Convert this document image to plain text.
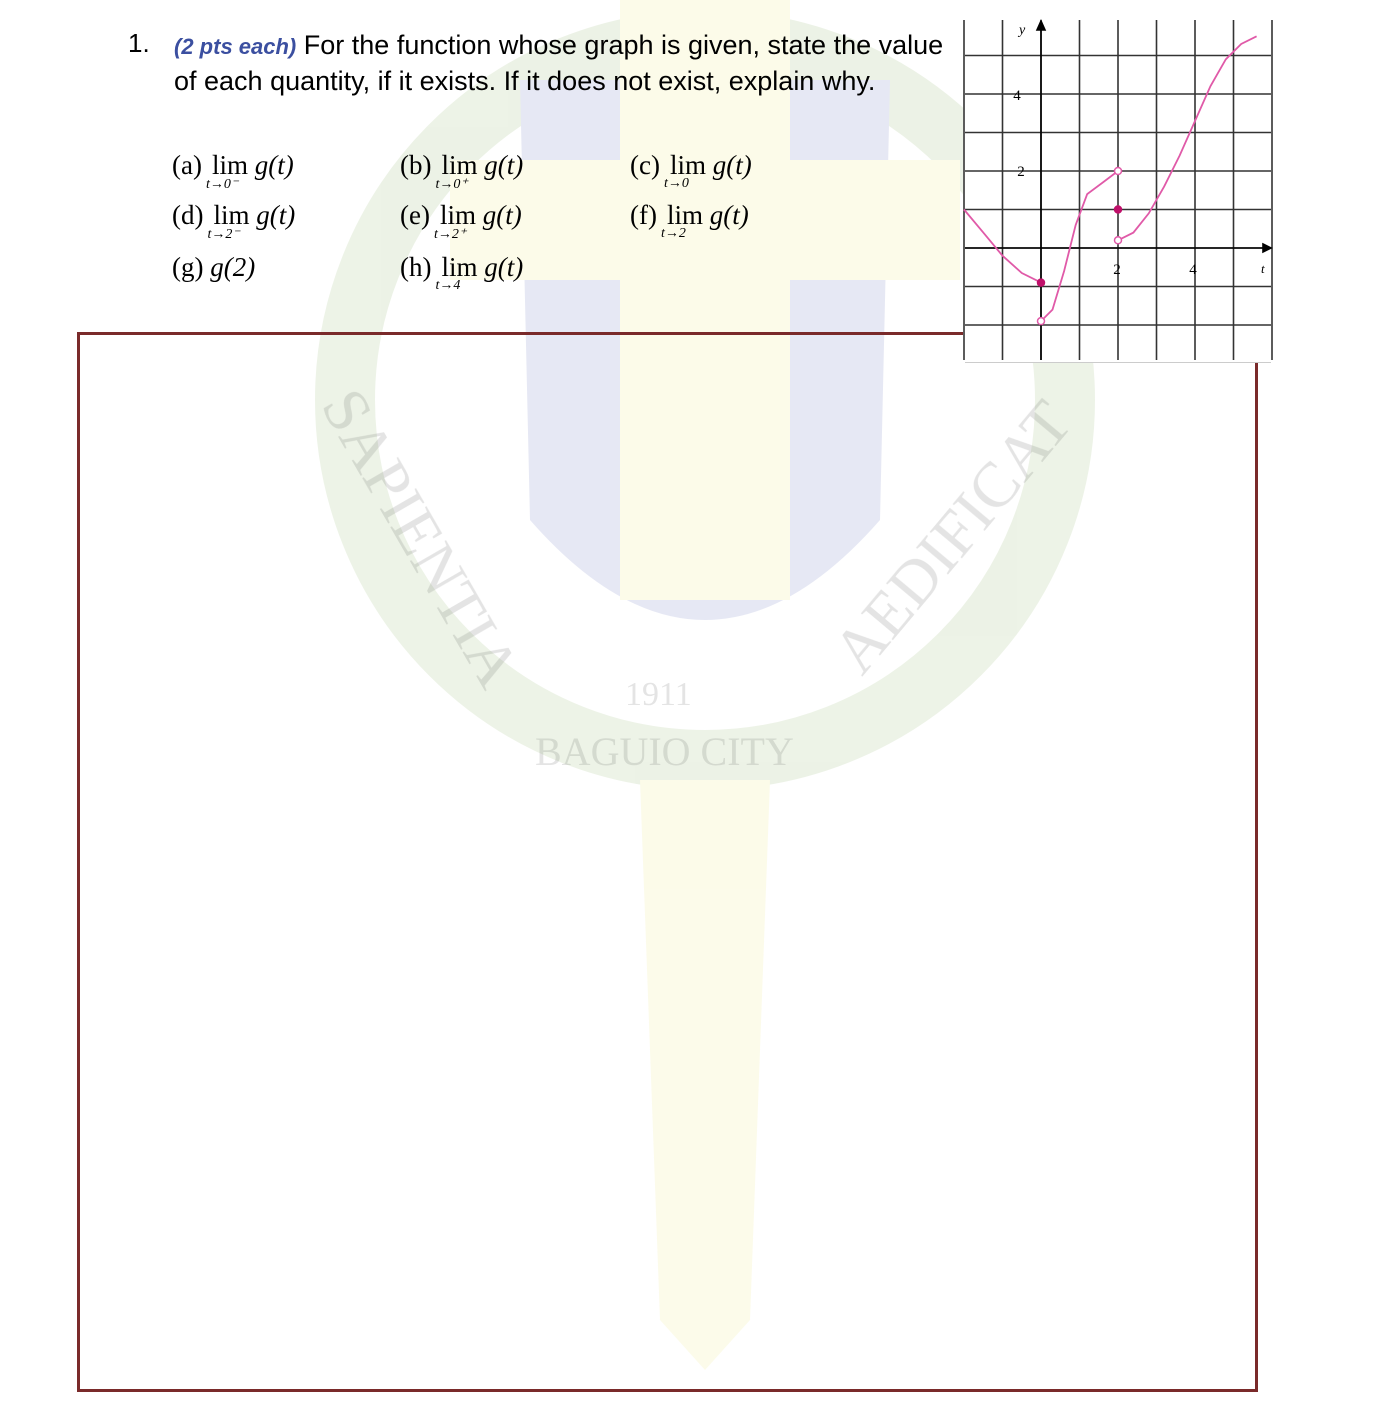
SAPIENTIA	AEDIFICAT
1911
BAGUIO CITY
1. (2 pts each) For the function whose graph is given, state the value of each quantity, if it exists. If it does not exist, explain why.
(a) lim
t→0⁻
g(t)	(b) lim
t→0⁺
g(t)	(c) lim
t→0
g(t)
(d) lim
t→2⁻
g(t)	(e) lim
t→2⁺
g(t)	(f) lim
t→2
g(t)
(g) g(2)	(h) lim
t→4
g(t)
4
2
2	4	t
y
